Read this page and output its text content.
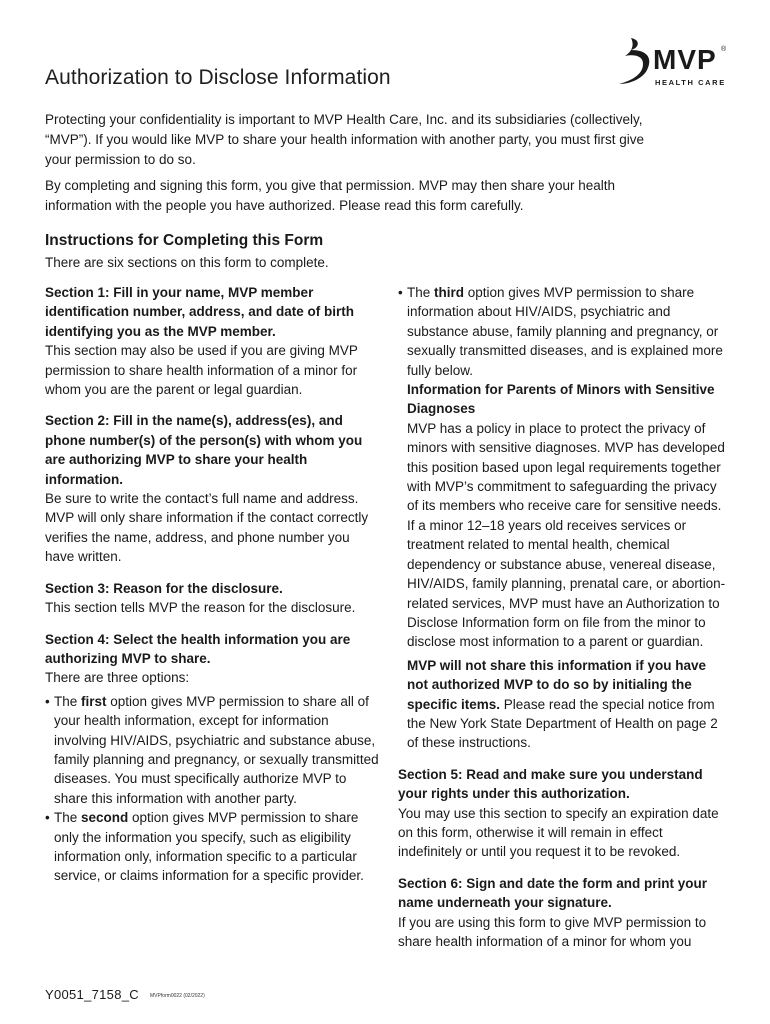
Authorization to Disclose Information
MVP ®
HEALTH CARE

Protecting your confidentiality is important to MVP Health Care, Inc. and its subsidiaries (collectively, “MVP”). If you would like MVP to share your health information with another party, you must first give your permission to do so.

By completing and signing this form, you give that permission. MVP may then share your health information with the people you have authorized. Please read this form carefully.

Instructions for Completing this Form
There are six sections on this form to complete.

Section 1: Fill in your name, MVP member identification number, address, and date of birth identifying you as the MVP member.

This section may also be used if you are giving MVP permission to share health information of a minor for whom you are the parent or legal guardian.

Section 2: Fill in the name(s), address(es), and phone number(s) of the person(s) with whom you are authorizing MVP to share your health information.

Be sure to write the contact’s full name and address. MVP will only share information if the contact correctly verifies the name, address, and phone number you have written.

Section 3: Reason for the disclosure.

This section tells MVP the reason for the disclosure.

Section 4: Select the health information you are authorizing MVP to share.

There are three options:

• The first option gives MVP permission to share all of your health information, except for information involving HIV/AIDS, psychiatric and substance abuse, family planning and pregnancy, or sexually transmitted diseases. You must specifically authorize MVP to share this information with another party.

• The second option gives MVP permission to share only the information you specify, such as eligibility information only, information specific to a particular service, or claims information for a specific provider.

• The third option gives MVP permission to share information about HIV/AIDS, psychiatric and substance abuse, family planning and pregnancy, or sexually transmitted diseases, and is explained more fully below.

Information for Parents of Minors with Sensitive Diagnoses

MVP has a policy in place to protect the privacy of minors with sensitive diagnoses. MVP has developed this position based upon legal requirements together with MVP’s commitment to safeguarding the privacy of its members who receive care for sensitive needs. If a minor 12–18 years old receives services or treatment related to mental health, chemical dependency or substance abuse, venereal disease, HIV/AIDS, family planning, prenatal care, or abortion-related services, MVP must have an Authorization to Disclose Information form on file from the minor to disclose most information to a parent or guardian.

MVP will not share this information if you have not authorized MVP to do so by initialing the specific items. Please read the special notice from the New York State Department of Health on page 2 of these instructions.

Section 5: Read and make sure you understand your rights under this authorization.

You may use this section to specify an expiration date on this form, otherwise it will remain in effect indefinitely or until you request it to be revoked.

Section 6: Sign and date the form and print your name underneath your signature.

If you are using this form to give MVP permission to share health information of a minor for whom you

Y0051_7158_C MVPform0022 (02/2022)
